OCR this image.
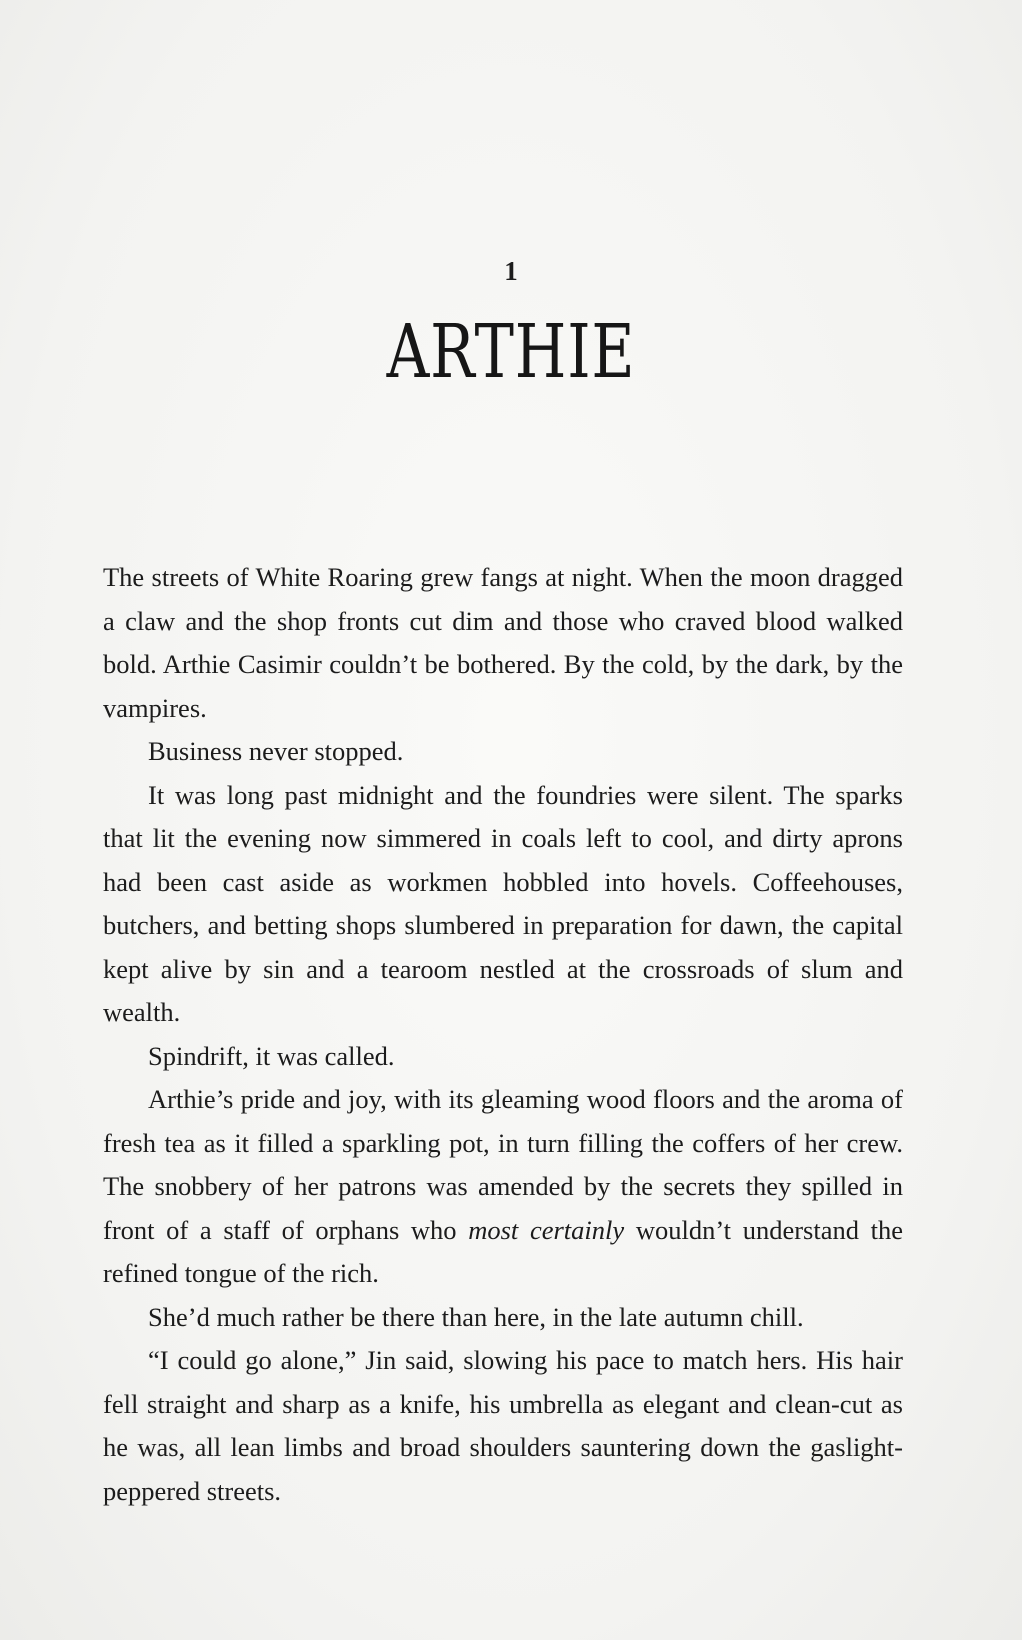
1
ARTHIE

The streets of White Roaring grew fangs at night. When the moon dragged a claw and the shop fronts cut dim and those who craved blood walked bold. Arthie Casimir couldn’t be bothered. By the cold, by the dark, by the vampires.

Business never stopped.

It was long past midnight and the foundries were silent. The sparks that lit the evening now simmered in coals left to cool, and dirty aprons had been cast aside as workmen hobbled into hovels. Coffeehouses, butchers, and betting shops slumbered in preparation for dawn, the capital kept alive by sin and a tearoom nestled at the crossroads of slum and wealth.

Spindrift, it was called.

Arthie’s pride and joy, with its gleaming wood floors and the aroma of fresh tea as it filled a sparkling pot, in turn filling the coffers of her crew. The snobbery of her patrons was amended by the secrets they spilled in front of a staff of orphans who most certainly wouldn’t understand the refined tongue of the rich.

She’d much rather be there than here, in the late autumn chill.

“I could go alone,” Jin said, slowing his pace to match hers. His hair fell straight and sharp as a knife, his umbrella as elegant and clean-cut as he was, all lean limbs and broad shoulders sauntering down the gaslight-peppered streets.
